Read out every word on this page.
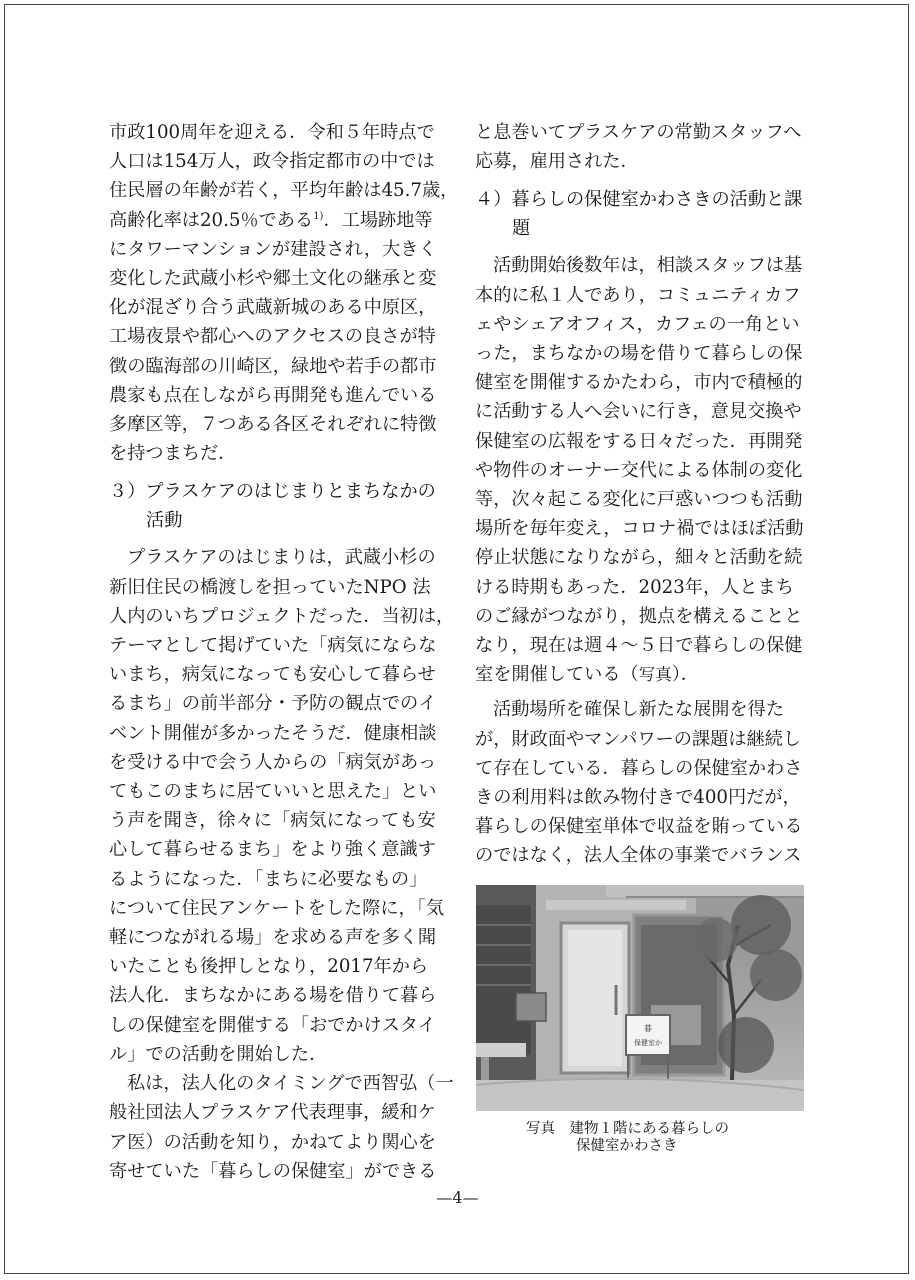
市政100周年を迎える．令和５年時点で
人口は154万人，政令指定都市の中では
住民層の年齢が若く，平均年齢は45.7歳，
高齢化率は20.5％である$^{1)}$．工場跡地等
にタワーマンションが建設され，大きく
変化した武蔵小杉や郷土文化の継承と変
化が混ざり合う武蔵新城のある中原区，
工場夜景や都心へのアクセスの良さが特
徴の臨海部の川崎区，緑地や若手の都市
農家も点在しながら再開発も進んでいる
多摩区等，７つある各区それぞれに特徴
を持つまちだ．
３）プラスケアのはじまりとまちなかの
活動
プラスケアのはじまりは，武蔵小杉の
新旧住民の橋渡しを担っていたNPO 法
人内のいちプロジェクトだった．当初は，
テーマとして掲げていた「病気にならな
いまち，病気になっても安心して暮らせ
るまち」の前半部分・予防の観点でのイ
ベント開催が多かったそうだ．健康相談
を受ける中で会う人からの「病気があっ
てもこのまちに居ていいと思えた」とい
う声を聞き，徐々に「病気になっても安
心して暮らせるまち」をより強く意識す
るようになった．「まちに必要なもの」
について住民アンケートをした際に，「気
軽につながれる場」を求める声を多く聞
いたことも後押しとなり，2017年から
法人化．まちなかにある場を借りて暮ら
しの保健室を開催する「おでかけスタイ
ル」での活動を開始した．
私は，法人化のタイミングで西智弘（一
般社団法人プラスケア代表理事，緩和ケ
ア医）の活動を知り，かねてより関心を
寄せていた「暮らしの保健室」ができる
と息巻いてプラスケアの常勤スタッフへ
応募，雇用された．
４）暮らしの保健室かわさきの活動と課
題
活動開始後数年は，相談スタッフは基
本的に私１人であり，コミュニティカフ
ェやシェアオフィス，カフェの一角とい
った，まちなかの場を借りて暮らしの保
健室を開催するかたわら，市内で積極的
に活動する人へ会いに行き，意見交換や
保健室の広報をする日々だった．再開発
や物件のオーナー交代による体制の変化
等，次々起こる変化に戸惑いつつも活動
場所を毎年変え，コロナ禍ではほぼ活動
停止状態になりながら，細々と活動を続
ける時期もあった．2023年，人とまち
のご縁がつながり，拠点を構えることと
なり，現在は週４～５日で暮らしの保健
室を開催している（写真）．
活動場所を確保し新たな展開を得た
が，財政面やマンパワーの課題は継続し
て存在している．暮らしの保健室かわさ
きの利用料は飲み物付きで400円だが，
暮らしの保健室単体で収益を賄っている
のではなく，法人全体の事業でバランス
暮
保健室か
写真　建物１階にある暮らしの
保健室かわさき
—4—
